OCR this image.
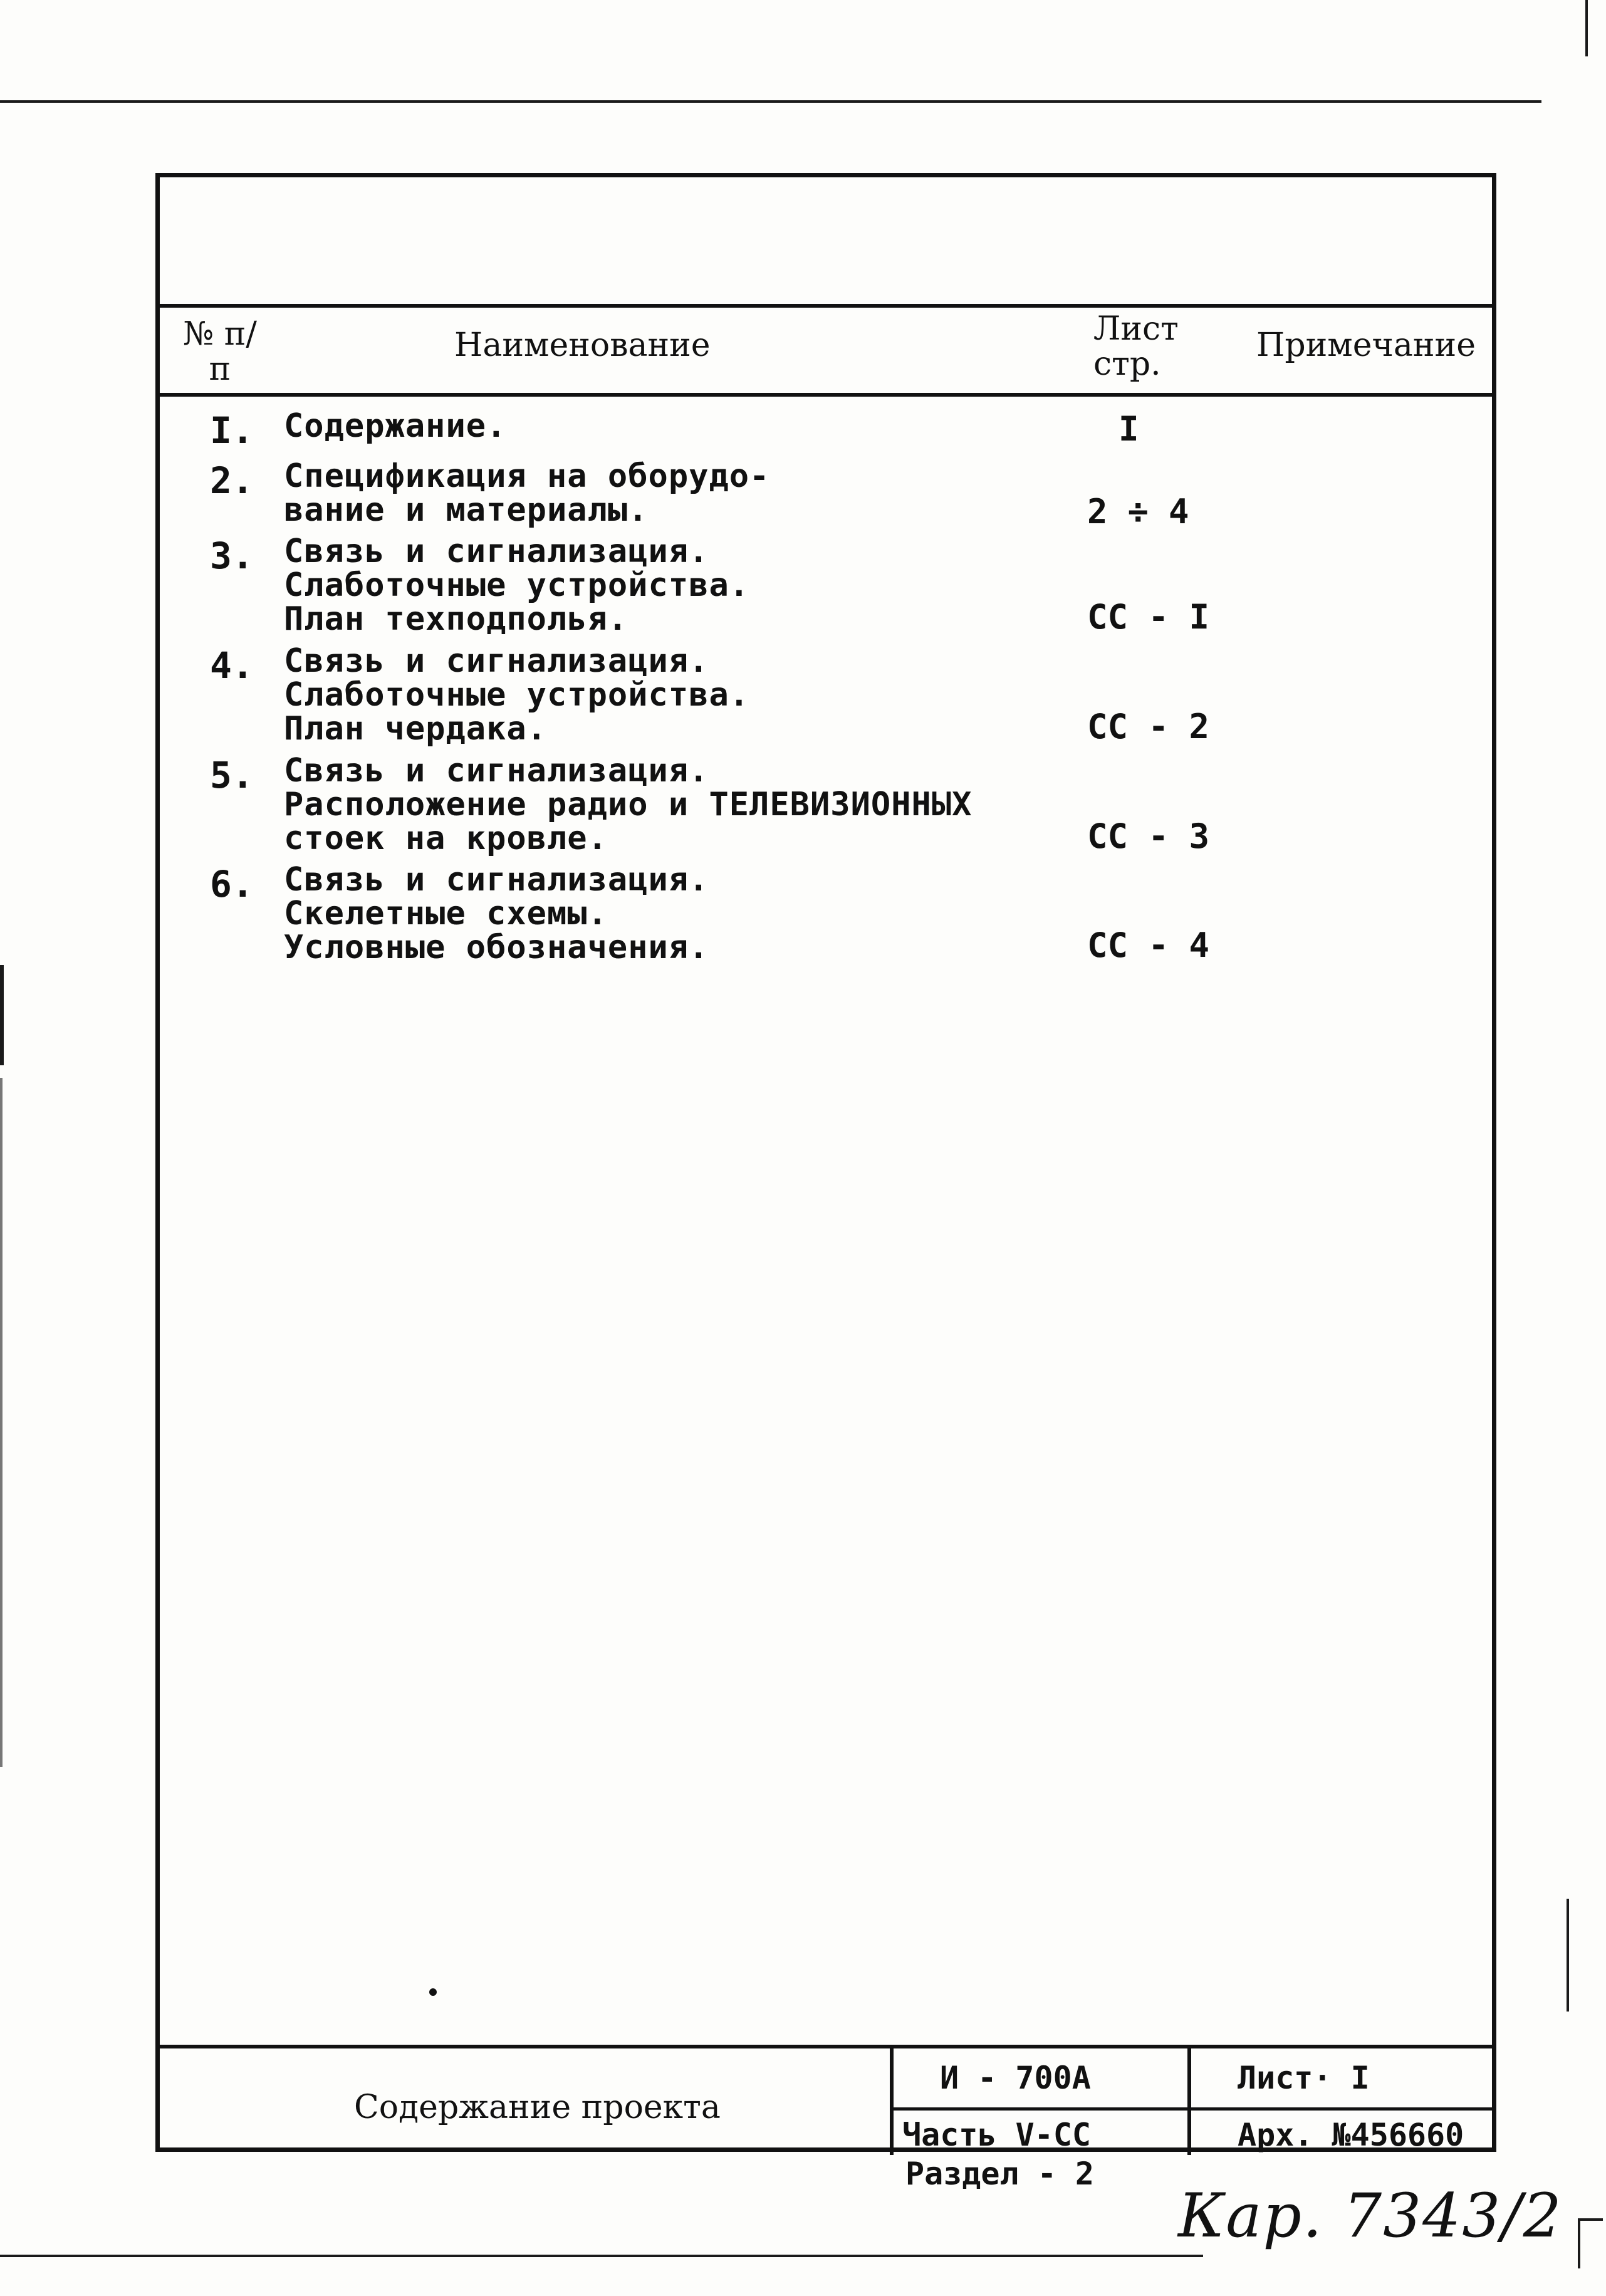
№ п/п
Наименование	Лист стр.	Примечание
I. Содержание.	I
2. Спецификация на оборудо-
вание и материалы.	2 ÷ 4
3. Связь и сигнализация.
Слаботочные устройства.
План техподполья.	СС - I
4. Связь и сигнализация.
Слаботочные устройства.
План чердака.	СС - 2
5. Связь и сигнализация.
Расположение радио и ТЕЛЕВИЗИОННЫХ
стоек на кровле.	СС - 3
6. Связь и сигнализация.
Скелетные схемы.
Условные обозначения.	СС - 4
Содержание проекта
И - 700А	Лист· I
Часть V-СС	Арх. №456660
Раздел - 2
Кар. 7343/2
